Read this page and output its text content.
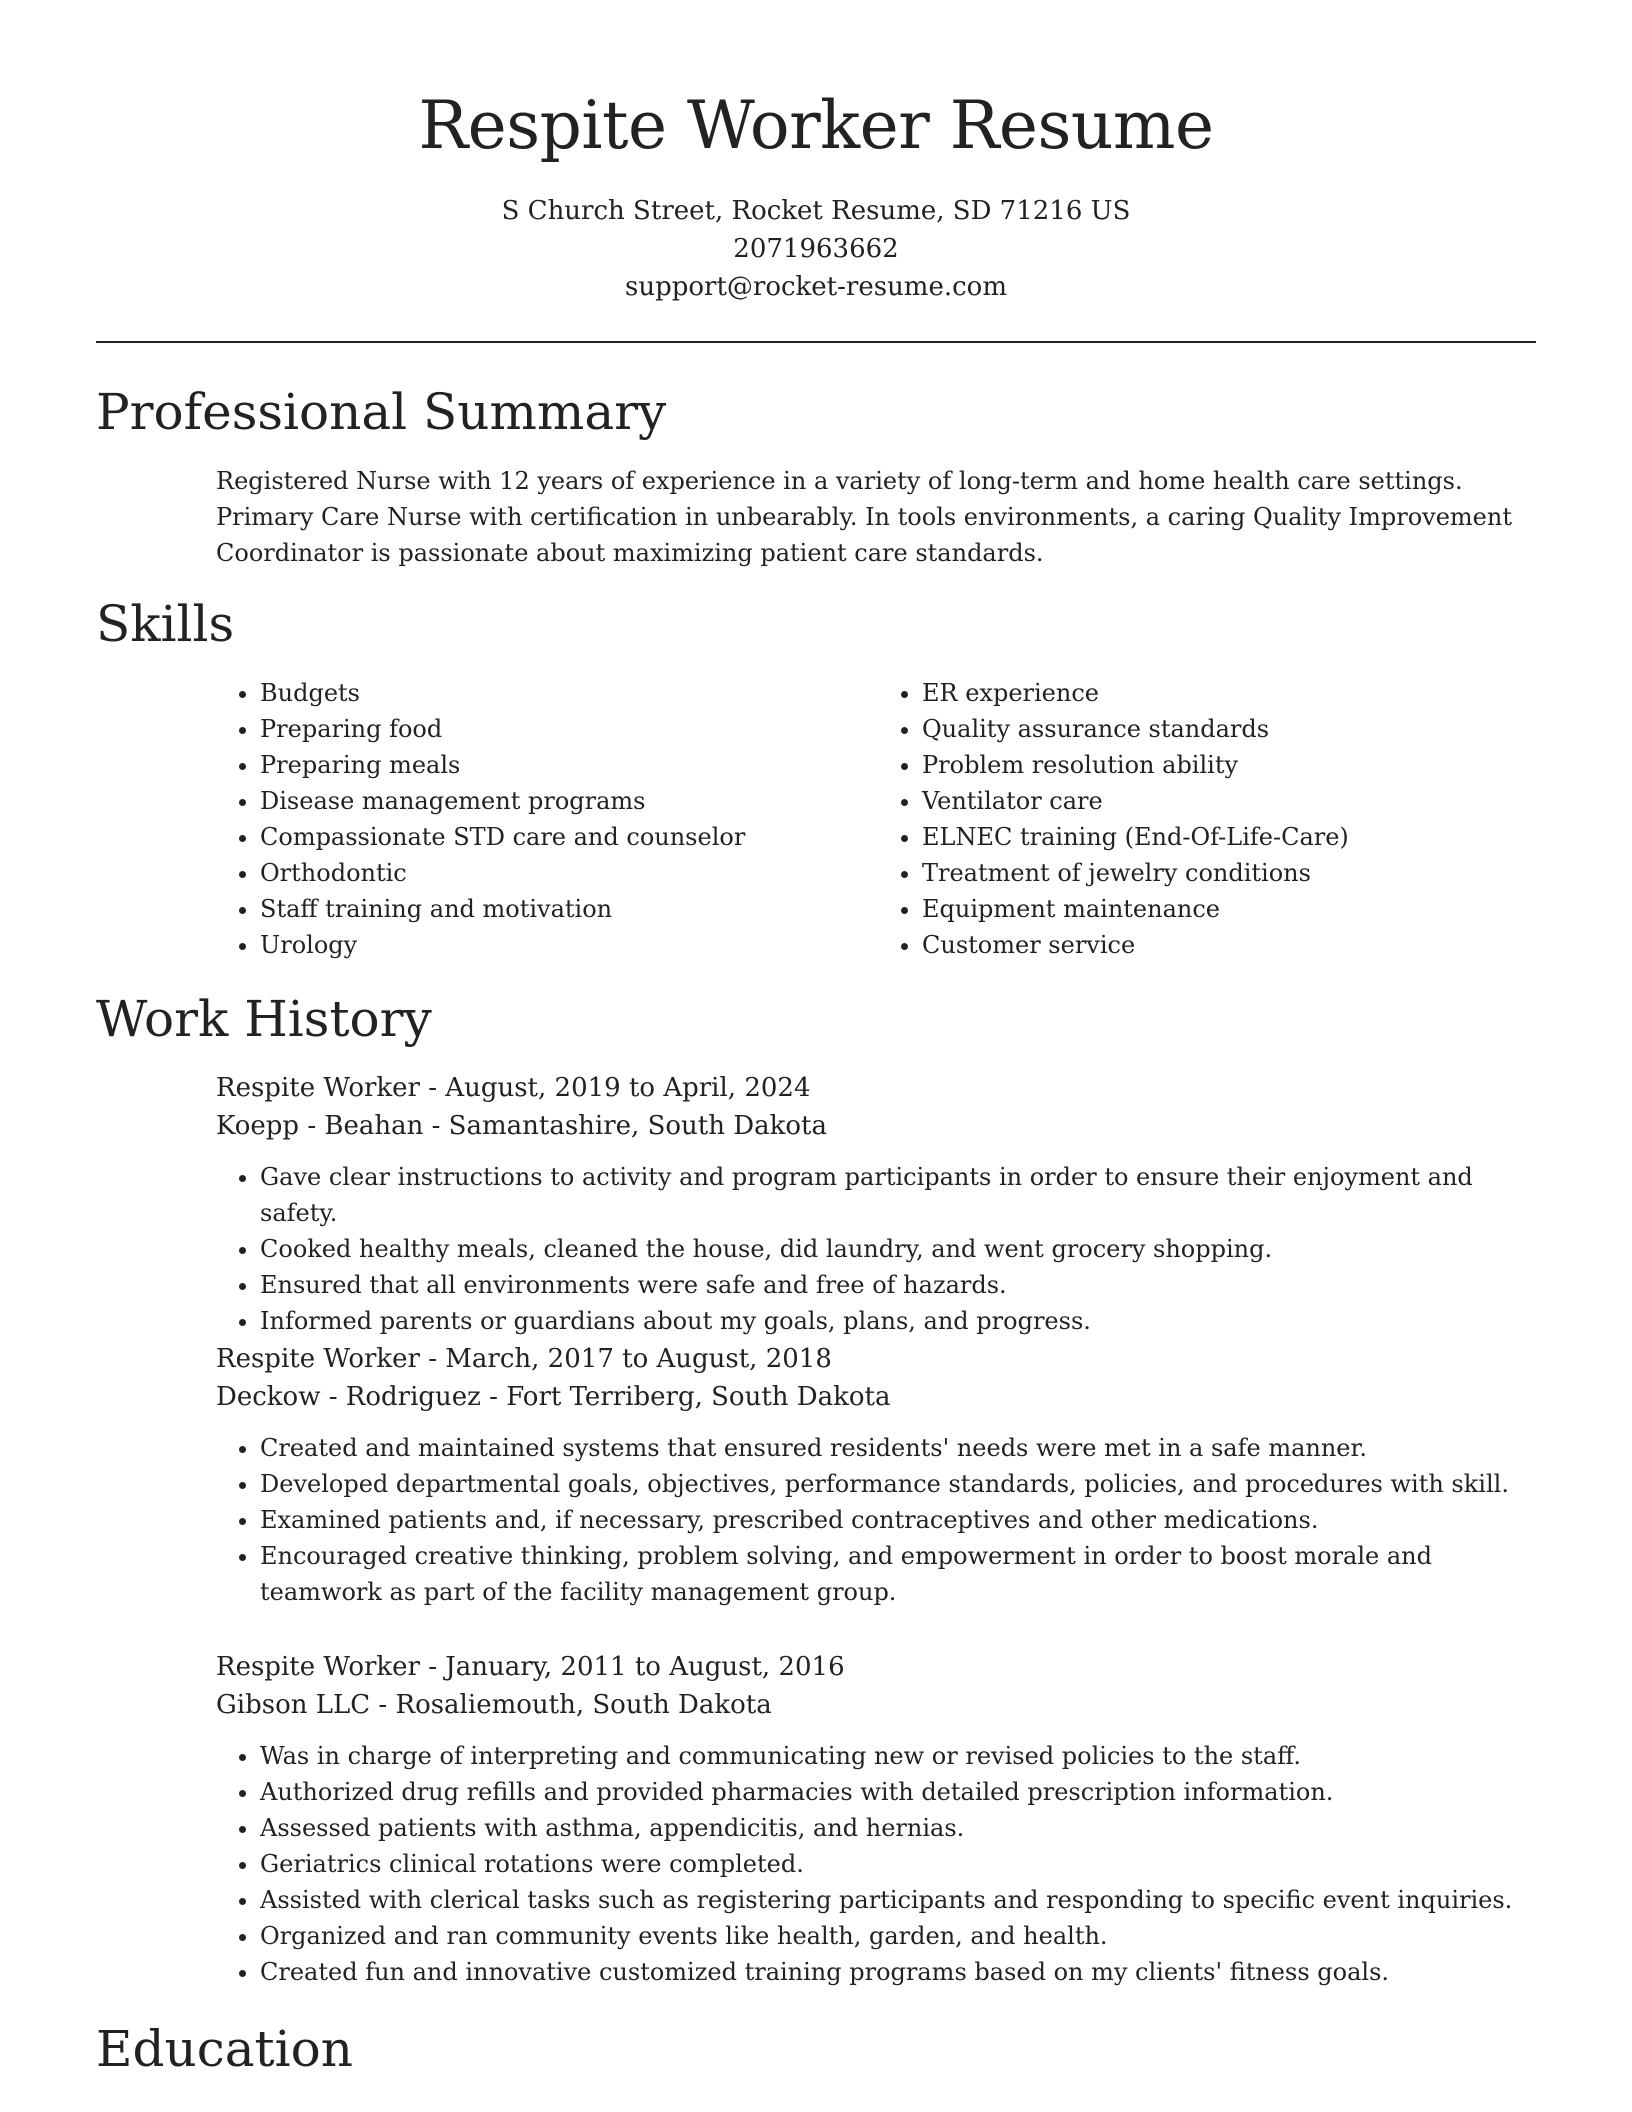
Respite Worker Resume
S Church Street, Rocket Resume, SD 71216 US
2071963662
support@rocket-resume.com
Professional Summary

Registered Nurse with 12 years of experience in a variety of long-term and home health care settings. Primary Care Nurse with certification in unbearably. In tools environments, a caring Quality Improvement Coordinator is passionate about maximizing patient care standards.

Skills
• Budgets
• Preparing food
• Preparing meals
• Disease management programs
• Compassionate STD care and counselor
• Orthodontic
• Staff training and motivation
• Urology
• ER experience
• Quality assurance standards
• Problem resolution ability
• Ventilator care
• ELNEC training (End-Of-Life-Care)
• Treatment of jewelry conditions
• Equipment maintenance
• Customer service
Work History
Respite Worker - August, 2019 to April, 2024
Koepp - Beahan - Samantashire, South Dakota
• Gave clear instructions to activity and program participants in order to ensure their enjoyment and safety.
• Cooked healthy meals, cleaned the house, did laundry, and went grocery shopping.
• Ensured that all environments were safe and free of hazards.
• Informed parents or guardians about my goals, plans, and progress.
Respite Worker - March, 2017 to August, 2018
Deckow - Rodriguez - Fort Terriberg, South Dakota
• Created and maintained systems that ensured residents' needs were met in a safe manner.
• Developed departmental goals, objectives, performance standards, policies, and procedures with skill.
• Examined patients and, if necessary, prescribed contraceptives and other medications.
• Encouraged creative thinking, problem solving, and empowerment in order to boost morale and teamwork as part of the facility management group.
Respite Worker - January, 2011 to August, 2016
Gibson LLC - Rosaliemouth, South Dakota
• Was in charge of interpreting and communicating new or revised policies to the staff.
• Authorized drug refills and provided pharmacies with detailed prescription information.
• Assessed patients with asthma, appendicitis, and hernias.
• Geriatrics clinical rotations were completed.
• Assisted with clerical tasks such as registering participants and responding to specific event inquiries.
• Organized and ran community events like health, garden, and health.
• Created fun and innovative customized training programs based on my clients' fitness goals.
Education
